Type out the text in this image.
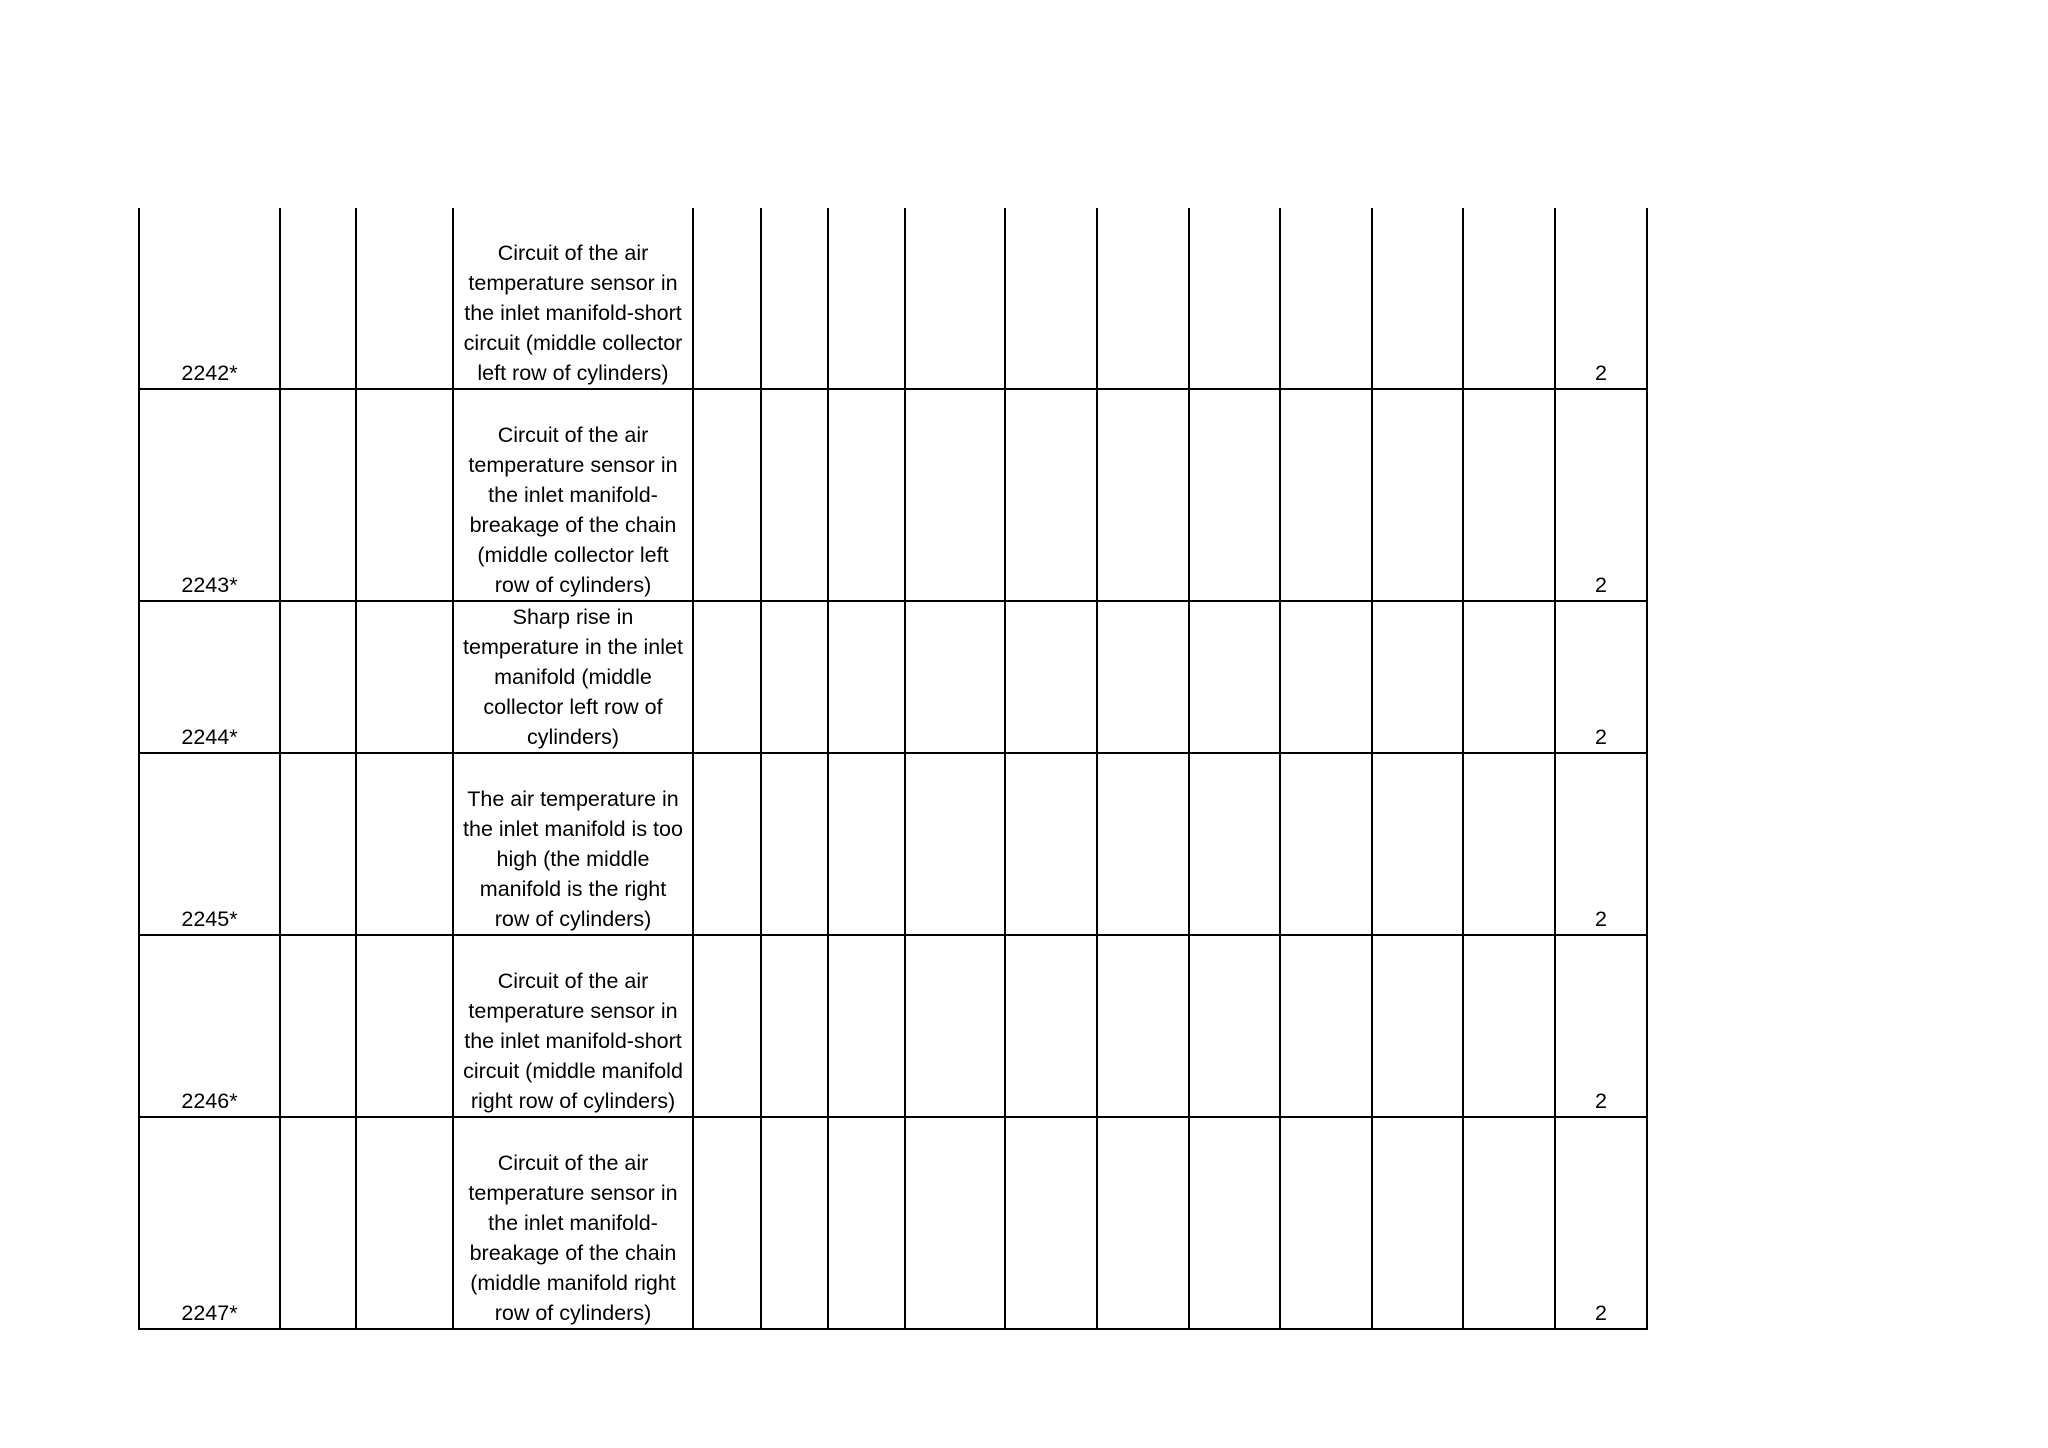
2242*			Circuit of the air temperature sensor in the inlet manifold-short circuit (middle collector left row of cylinders)											2
2243*			Circuit of the air temperature sensor in the inlet manifold-breakage of the chain (middle collector left row of cylinders)											2
2244*			Sharp rise in temperature in the inlet manifold (middle collector left row of cylinders)											2
2245*			The air temperature in the inlet manifold is too high (the middle manifold is the right row of cylinders)											2
2246*			Circuit of the air temperature sensor in the inlet manifold-short circuit (middle manifold right row of cylinders)											2
2247*			Circuit of the air temperature sensor in the inlet manifold-breakage of the chain (middle manifold right row of cylinders)											2
